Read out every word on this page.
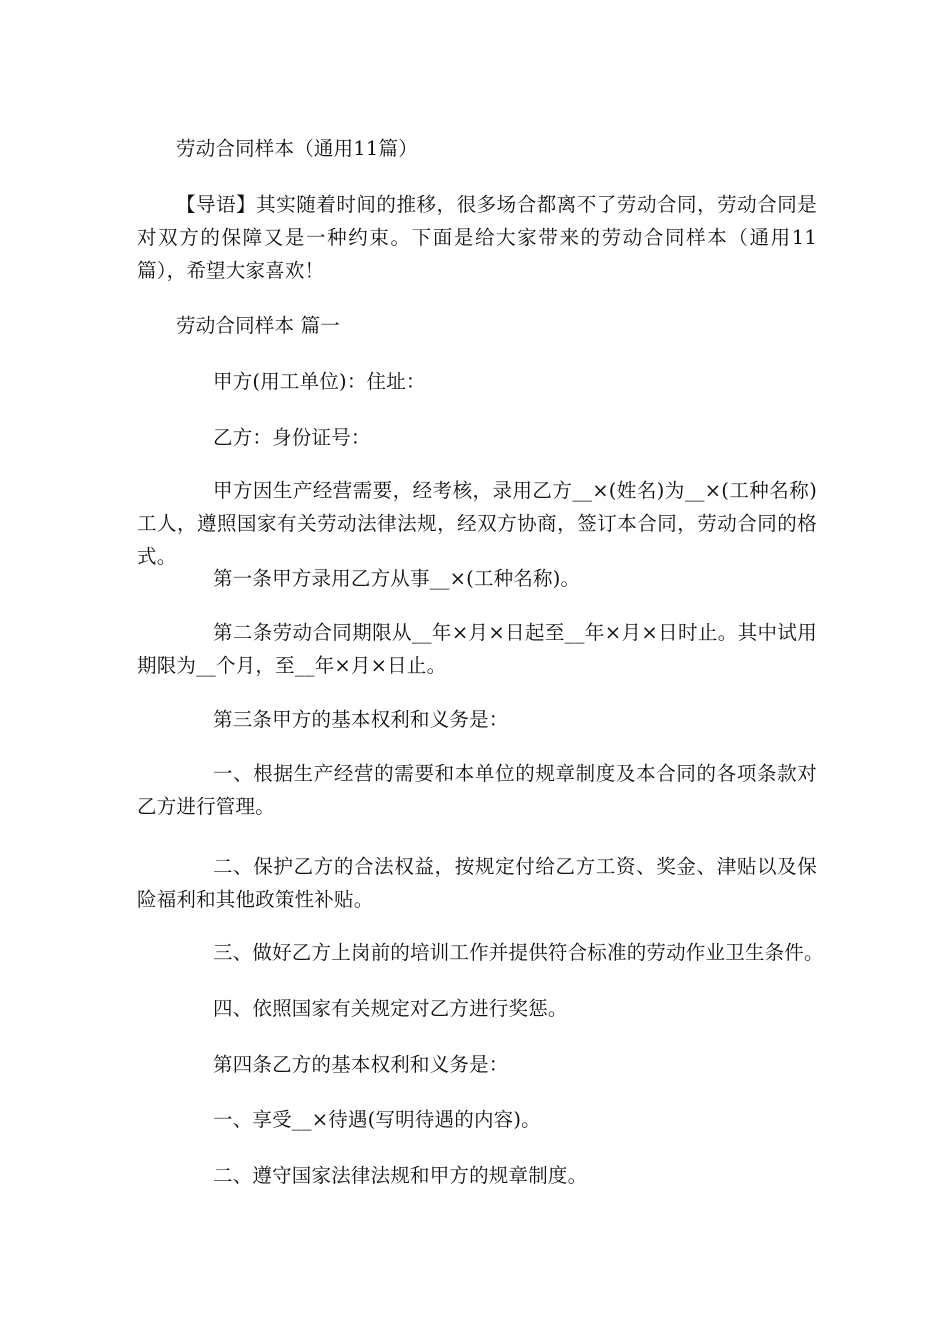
劳动合同样本（通用11篇）

【导语】其实随着时间的推移，很多场合都离不了劳动合同，劳动合同是对双方的保障又是一种约束。下面是给大家带来的劳动合同样本（通用11篇），希望大家喜欢！

劳动合同样本 篇一

甲方(用工单位)：住址：

乙方：身份证号：

甲方因生产经营需要，经考核，录用乙方__×(姓名)为__×(工种名称)工人，遵照国家有关劳动法律法规，经双方协商，签订本合同，劳动合同的格式。

第一条甲方录用乙方从事__×(工种名称)。

第二条劳动合同期限从__年×月×日起至__年×月×日时止。其中试用期限为__个月，至__年×月×日止。

第三条甲方的基本权利和义务是：

一、根据生产经营的需要和本单位的规章制度及本合同的各项条款对乙方进行管理。

二、保护乙方的合法权益，按规定付给乙方工资、奖金、津贴以及保险福利和其他政策性补贴。

三、做好乙方上岗前的培训工作并提供符合标准的劳动作业卫生条件。

四、依照国家有关规定对乙方进行奖惩。

第四条乙方的基本权利和义务是：

一、享受__×待遇(写明待遇的内容)。

二、遵守国家法律法规和甲方的规章制度。
